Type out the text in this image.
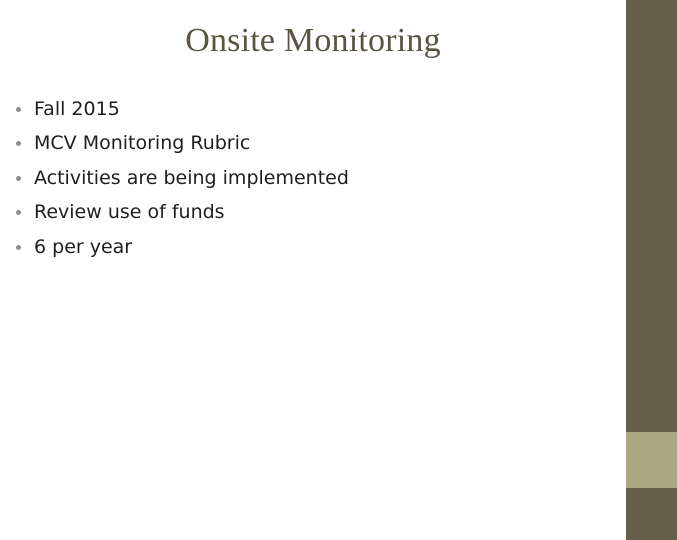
Onsite Monitoring
Fall 2015
MCV Monitoring Rubric
Activities are being implemented
Review use of funds
6 per year
